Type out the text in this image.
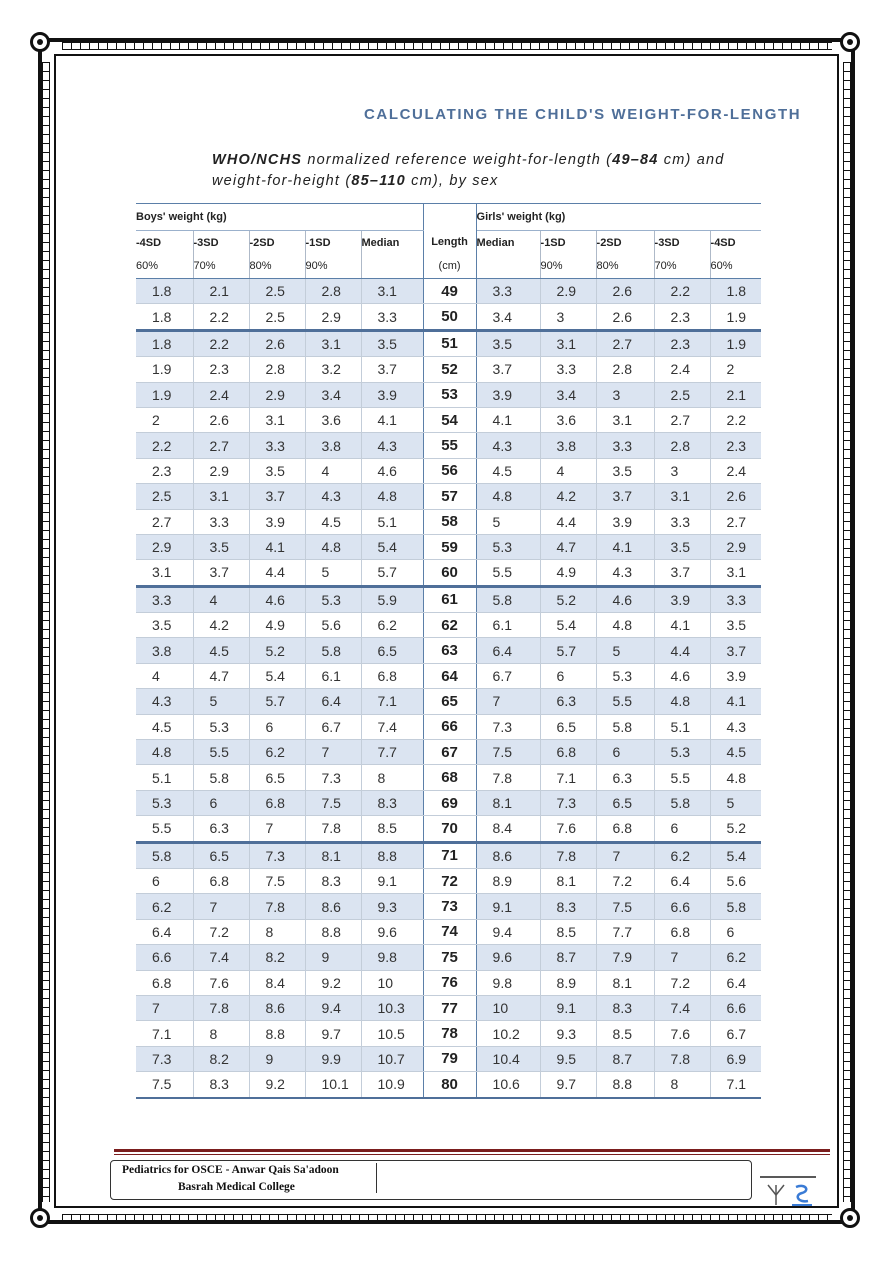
CALCULATING THE CHILD'S WEIGHT-FOR-LENGTH
WHO/NCHS normalized reference weight-for-length (49–84 cm) and weight-for-height (85–110 cm), by sex
Boys' weight (kg)						Girls' weight (kg)				
-4SD	-3SD	-2SD	-1SD	Median	Length	Median	-1SD	-2SD	-3SD	-4SD
60%	70%	80%	90%		(cm)		90%	80%	70%	60%
1.8	2.1	2.5	2.8	3.1	49	3.3	2.9	2.6	2.2	1.8
1.8	2.2	2.5	2.9	3.3	50	3.4	3	2.6	2.3	1.9
1.8	2.2	2.6	3.1	3.5	51	3.5	3.1	2.7	2.3	1.9
1.9	2.3	2.8	3.2	3.7	52	3.7	3.3	2.8	2.4	2
1.9	2.4	2.9	3.4	3.9	53	3.9	3.4	3	2.5	2.1
2	2.6	3.1	3.6	4.1	54	4.1	3.6	3.1	2.7	2.2
2.2	2.7	3.3	3.8	4.3	55	4.3	3.8	3.3	2.8	2.3
2.3	2.9	3.5	4	4.6	56	4.5	4	3.5	3	2.4
2.5	3.1	3.7	4.3	4.8	57	4.8	4.2	3.7	3.1	2.6
2.7	3.3	3.9	4.5	5.1	58	5	4.4	3.9	3.3	2.7
2.9	3.5	4.1	4.8	5.4	59	5.3	4.7	4.1	3.5	2.9
3.1	3.7	4.4	5	5.7	60	5.5	4.9	4.3	3.7	3.1
3.3	4	4.6	5.3	5.9	61	5.8	5.2	4.6	3.9	3.3
3.5	4.2	4.9	5.6	6.2	62	6.1	5.4	4.8	4.1	3.5
3.8	4.5	5.2	5.8	6.5	63	6.4	5.7	5	4.4	3.7
4	4.7	5.4	6.1	6.8	64	6.7	6	5.3	4.6	3.9
4.3	5	5.7	6.4	7.1	65	7	6.3	5.5	4.8	4.1
4.5	5.3	6	6.7	7.4	66	7.3	6.5	5.8	5.1	4.3
4.8	5.5	6.2	7	7.7	67	7.5	6.8	6	5.3	4.5
5.1	5.8	6.5	7.3	8	68	7.8	7.1	6.3	5.5	4.8
5.3	6	6.8	7.5	8.3	69	8.1	7.3	6.5	5.8	5
5.5	6.3	7	7.8	8.5	70	8.4	7.6	6.8	6	5.2
5.8	6.5	7.3	8.1	8.8	71	8.6	7.8	7	6.2	5.4
6	6.8	7.5	8.3	9.1	72	8.9	8.1	7.2	6.4	5.6
6.2	7	7.8	8.6	9.3	73	9.1	8.3	7.5	6.6	5.8
6.4	7.2	8	8.8	9.6	74	9.4	8.5	7.7	6.8	6
6.6	7.4	8.2	9	9.8	75	9.6	8.7	7.9	7	6.2
6.8	7.6	8.4	9.2	10	76	9.8	8.9	8.1	7.2	6.4
7	7.8	8.6	9.4	10.3	77	10	9.1	8.3	7.4	6.6
7.1	8	8.8	9.7	10.5	78	10.2	9.3	8.5	7.6	6.7
7.3	8.2	9	9.9	10.7	79	10.4	9.5	8.7	7.8	6.9
7.5	8.3	9.2	10.1	10.9	80	10.6	9.7	8.8	8	7.1
Pediatrics for OSCE - Anwar Qais Sa'adoon
Basrah Medical College
